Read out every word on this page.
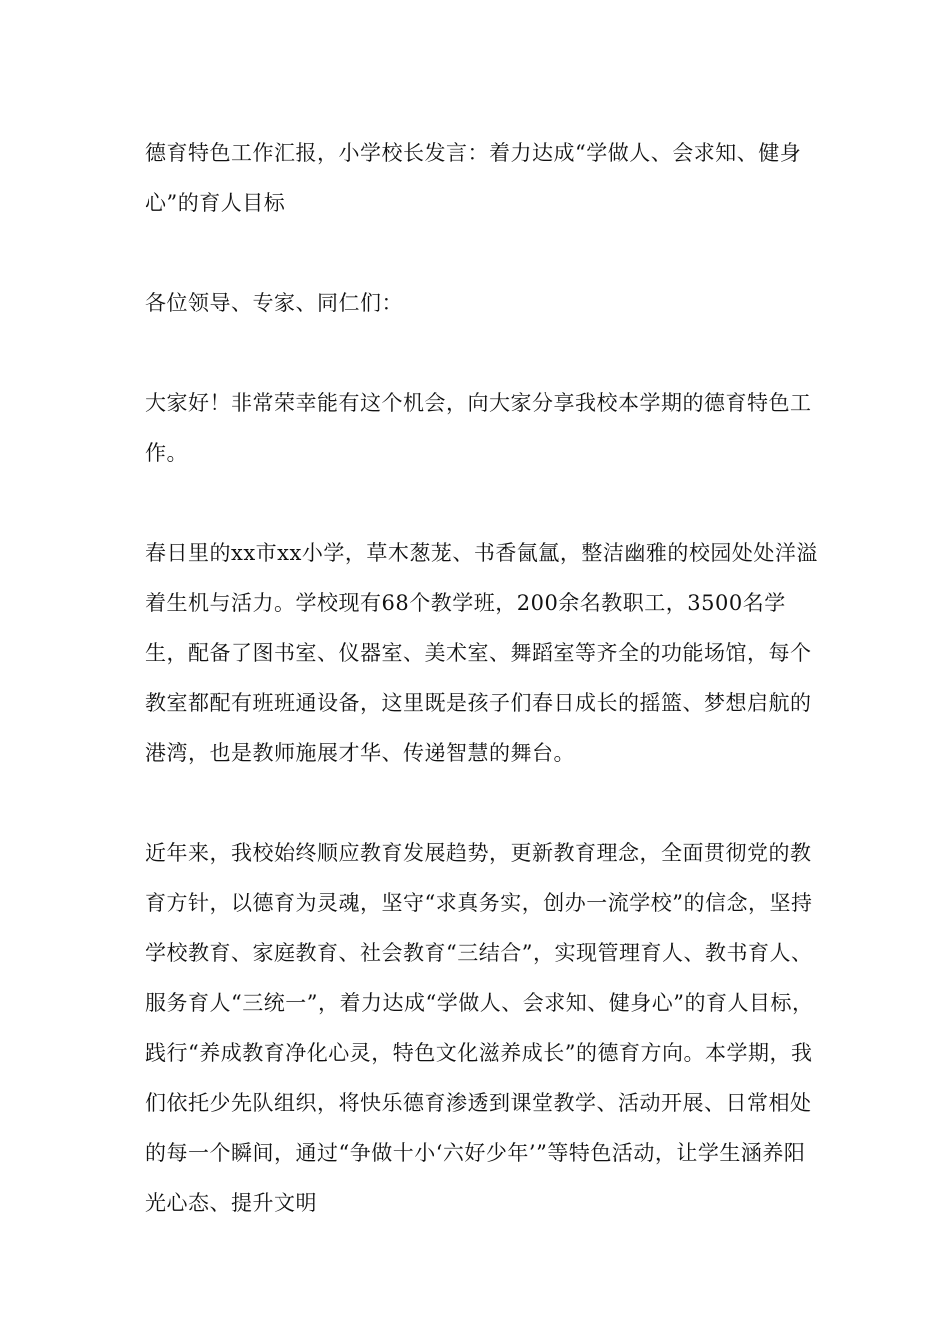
德育特色工作汇报，小学校长发言：着力达成“学做人、会求知、健身心”的育人目标

各位领导、专家、同仁们：

大家好！非常荣幸能有这个机会，向大家分享我校本学期的德育特色工作。

春日里的xx市xx小学，草木葱茏、书香氤氲，整洁幽雅的校园处处洋溢着生机与活力。学校现有68个教学班，200余名教职工，3500名学生，配备了图书室、仪器室、美术室、舞蹈室等齐全的功能场馆，每个教室都配有班班通设备，这里既是孩子们春日成长的摇篮、梦想启航的港湾，也是教师施展才华、传递智慧的舞台。

近年来，我校始终顺应教育发展趋势，更新教育理念，全面贯彻党的教育方针，以德育为灵魂，坚守“求真务实，创办一流学校”的信念，坚持学校教育、家庭教育、社会教育“三结合”，实现管理育人、教书育人、服务育人“三统一”，着力达成“学做人、会求知、健身心”的育人目标，践行“养成教育净化心灵，特色文化滋养成长”的德育方向。本学期，我们依托少先队组织，将快乐德育渗透到课堂教学、活动开展、日常相处的每一个瞬间，通过“争做十小‘六好少年’”等特色活动，让学生涵养阳光心态、提升文明
